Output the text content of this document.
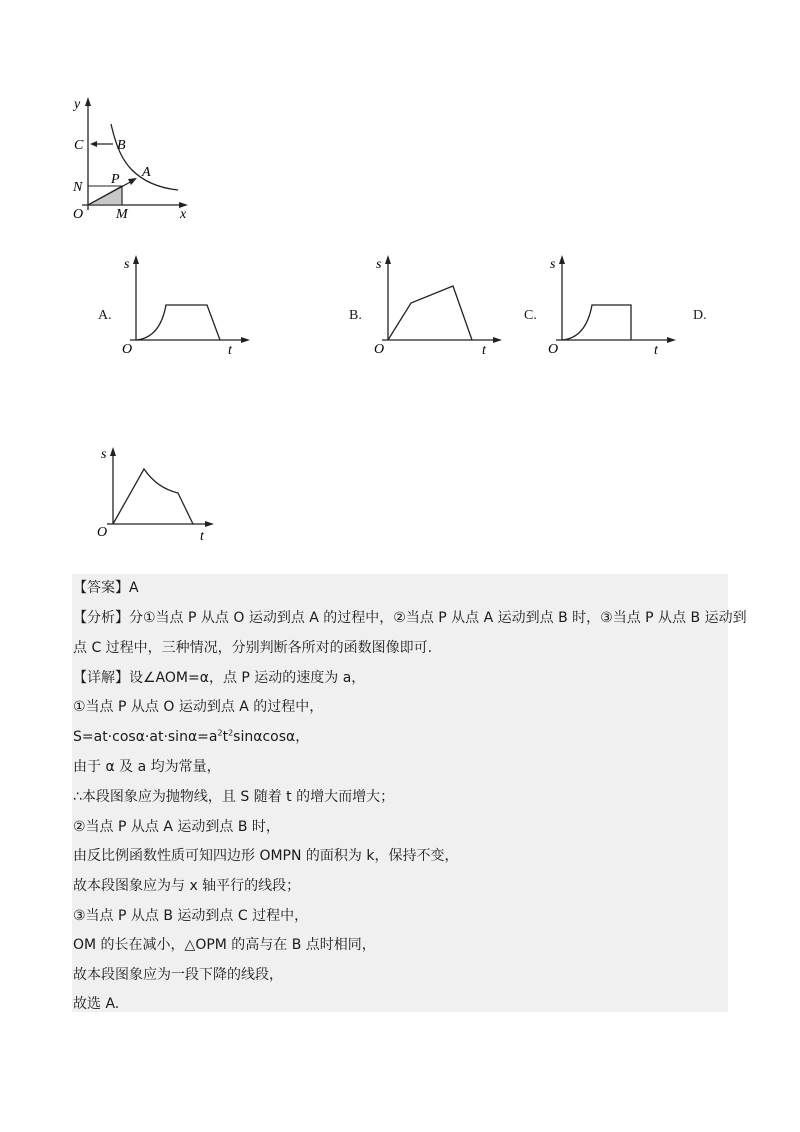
y
C B
N
P A
O M	x
A.
s
O	t
B.
s
O	t
C.
s
O	t
D.
s
O	t
【答案】A
【分析】分①当点 P 从点 O 运动到点 A 的过程中，②当点 P 从点 A 运动到点 B 时，③当点 P 从点 B 运动到
点 C 过程中，三种情况，分别判断各所对的函数图像即可.
【详解】设∠AOM=α，点 P 运动的速度为 a，
①当点 P 从点 O 运动到点 A 的过程中，
$S=at\cdot\cos\alpha\cdot at\cdot\sin\alpha=a^2t^2\sin\alpha\cos\alpha$，
由于 α 及 a 均为常量，
∴本段图象应为抛物线，且 S 随着 t 的增大而增大；
②当点 P 从点 A 运动到点 B 时，
由反比例函数性质可知四边形 OMPN 的面积为 k，保持不变，
故本段图象应为与 x 轴平行的线段；
③当点 P 从点 B 运动到点 C 过程中，
OM 的长在减小，△OPM 的高与在 B 点时相同，
故本段图象应为一段下降的线段，
故选 A.
